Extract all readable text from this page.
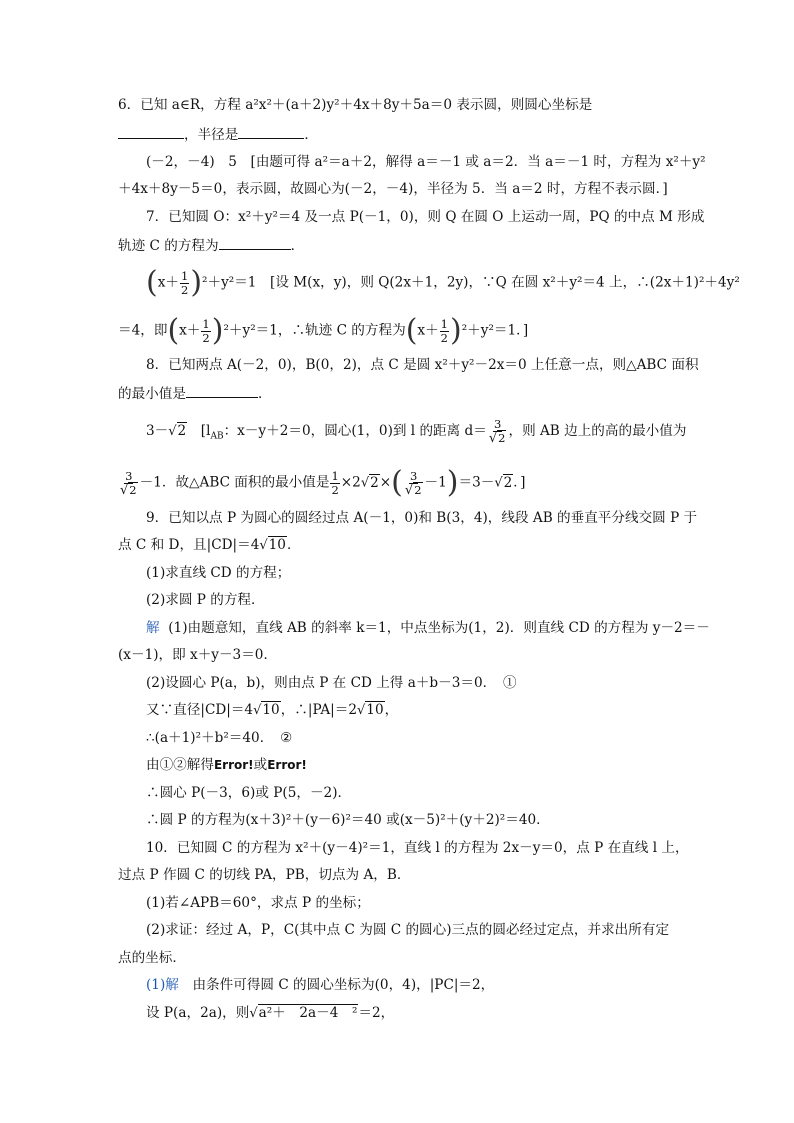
6．已知 a∈R，方程 a²x²＋(a＋2)y²＋4x＋8y＋5a＝0 表示圆，则圆心坐标是
，半径是	．
(－2，－4)　5　[由题可得 a²＝a＋2，解得 a＝－1 或 a＝2．当 a＝－1 时，方程为 x²＋y²
＋4x＋8y－5＝0，表示圆，故圆心为(－2，－4)，半径为 5．当 a＝2 时，方程不表示圆．]
7．已知圆 O：x²＋y²＝4 及一点 P(－1，0)，则 Q 在圆 O 上运动一周，PQ 的中点 M 形成
轨迹 C 的方程为	．
$(x+ \frac{1}{2} )^2+y^2=1$　[设 M(x，y)，则 Q(2x＋1，2y)，∵Q 在圆 x²＋y²＝4 上，∴(2x＋1)²＋4y²
＝4，即$(x+ \frac{1}{2} )^2+y^2=1$，∴轨迹 C 的方程为$(x+ \frac{1}{2} )^2+y^2=1$．]
8．已知两点 A(－2，0)，B(0，2)，点 C 是圆 x²＋y²－2x＝0 上任意一点，则△ABC 面积
的最小值是	．
3－√2　[$l_{AB}$：x－y＋2＝0，圆心(1，0)到 l 的距离 $d= \frac{3}{√2}$ ，则 AB 边上的高的最小值为
$\frac{3}{√2} -1$．故△ABC 面积的最小值是 $\frac{1}{2} \times 2√2\times( \frac{3}{√2} -1)=3-√2$．]
9．已知以点 P 为圆心的圆经过点 A(－1，0)和 B(3，4)，线段 AB 的垂直平分线交圆 P 于
点 C 和 D，且|CD|＝4√10．
(1)求直线 CD 的方程；
(2)求圆 P 的方程．
解 (1)由题意知，直线 AB 的斜率 k＝1，中点坐标为(1，2)．则直线 CD 的方程为 y－2＝－
(x－1)，即 x＋y－3＝0．
(2)设圆心 P(a，b)，则由点 P 在 CD 上得 a＋b－3＝0．　①
又∵直径|CD|＝4√10，∴|PA|＝2√10，
∴(a＋1)²＋b²＝40．　②
由①②解得Error!或Error!
∴圆心 P(－3，6)或 P(5，－2)．
∴圆 P 的方程为(x＋3)²＋(y－6)²＝40 或(x－5)²＋(y＋2)²＝40．
10．已知圆 C 的方程为 x²＋(y－4)²＝1，直线 l 的方程为 2x－y＝0，点 P 在直线 l 上，
过点 P 作圆 C 的切线 PA，PB，切点为 A，B．
(1)若∠APB＝60°，求点 P 的坐标；
(2)求证：经过 A，P，C(其中点 C 为圆 C 的圆心)三点的圆必经过定点，并求出所有定
点的坐标．
(1)解　由条件可得圆 C 的圆心坐标为(0，4)，|PC|＝2，
设 P(a，2a)，则√a²＋　2a－4　²＝2，
